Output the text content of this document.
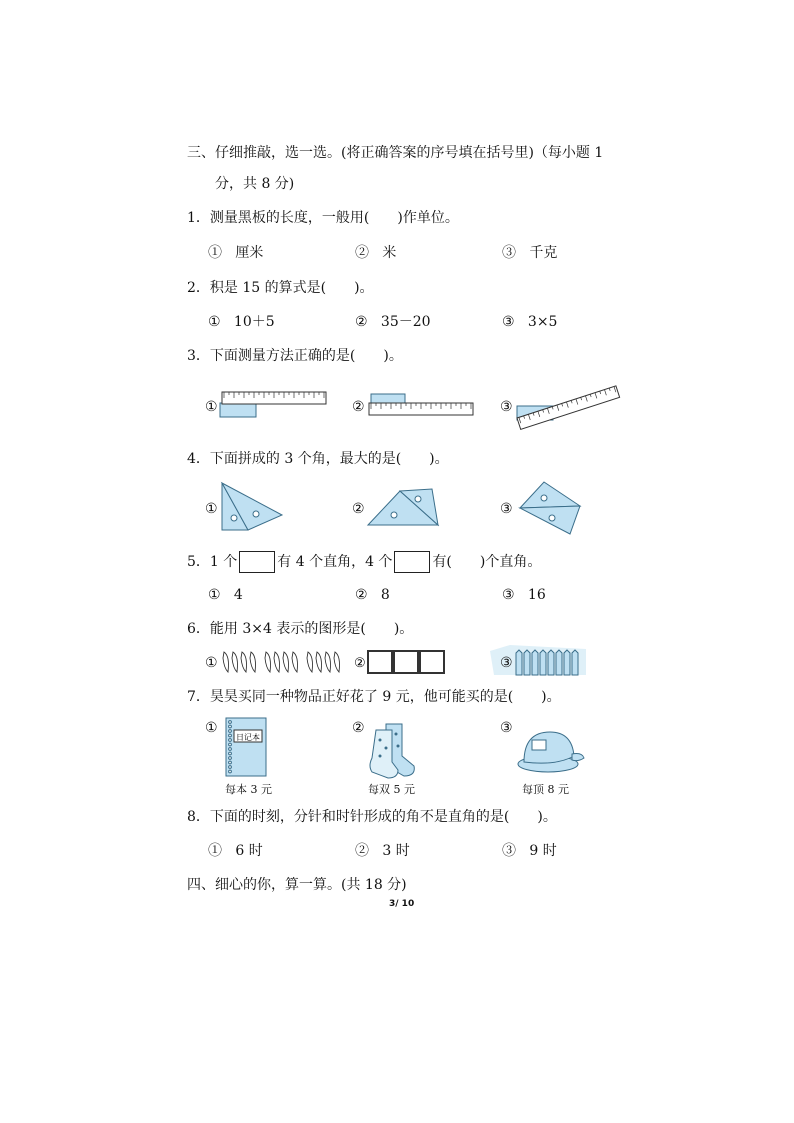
三、仔细推敲，选一选。(将正确答案的序号填在括号里)（每小题 1
分，共 8 分)
1．测量黑板的长度，一般用(　　)作单位。
① 厘米	② 米	③ 千克
2．积是 15 的算式是(　　)。
① 10＋5	② 35－20	③ 3×5
3．下面测量方法正确的是(　　)。
①	②	③
4．下面拼成的 3 个角，最大的是(　　)。
①	②	③
5．1 个	有 4 个直角，4 个	有(　　)个直角。
① 4	② 8	③ 16
6．能用 3×4 表示的图形是(　　)。
①	②	③
7．昊昊买同一种物品正好花了 9 元，他可能买的是(　　)。
①
日记本
每本 3 元
②
每双 5 元
③
每顶 8 元
8．下面的时刻，分针和时针形成的角不是直角的是(　　)。
① 6 时	② 3 时	③ 9 时
四、细心的你，算一算。(共 18 分)
3/ 10
